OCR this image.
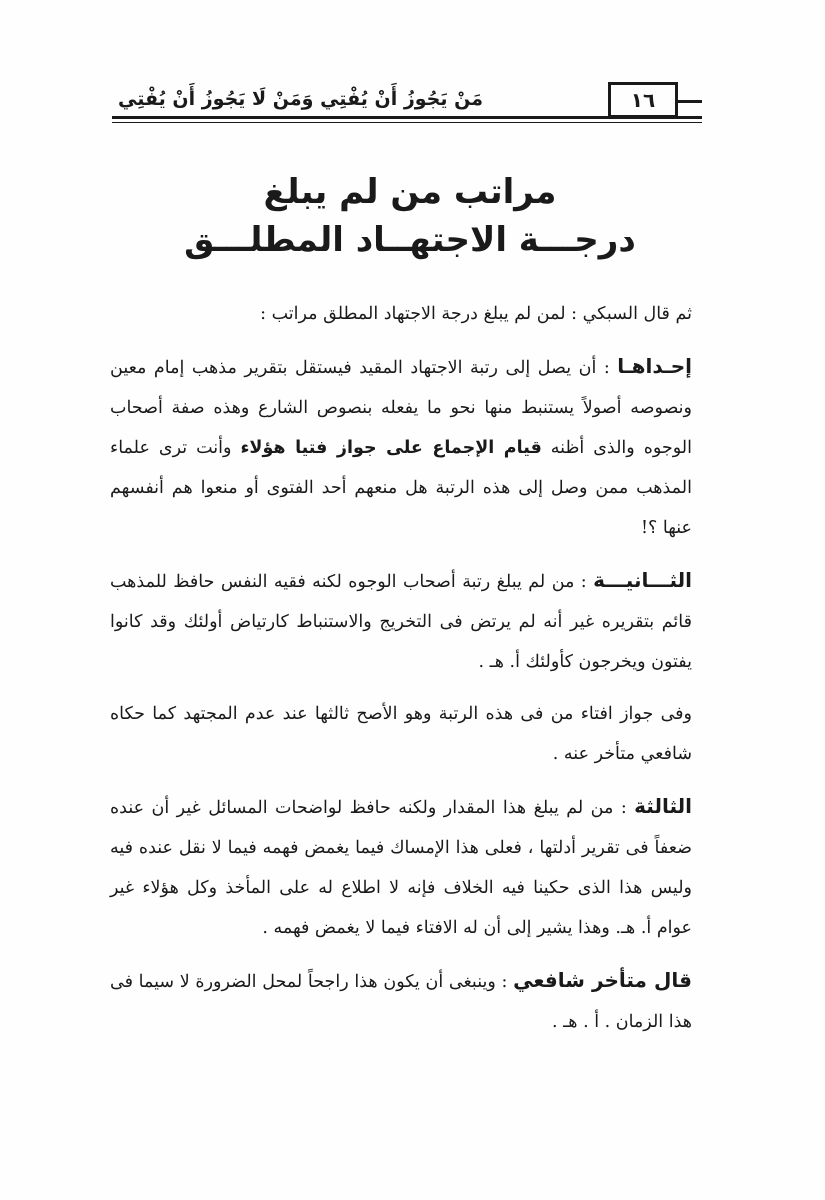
مَنْ يَجُوزُ أَنْ يُفْتِي وَمَنْ لَا يَجُوزُ أَنْ يُفْتِي	١٦
مراتب من لم يبلغ
درجـــة الاجتهــاد المطلـــق

ثم قال السبكي : لمن لم يبلغ درجة الاجتهاد المطلق مراتب :

إحـداهـا : أن يصل إلى رتبة الاجتهاد المقيد فيستقل بتقرير مذهب إمام معين ونصوصه أصولاً يستنبط منها نحو ما يفعله بنصوص الشارع وهذه صفة أصحاب الوجوه والذى أظنه قيام الإجماع على جواز فتيا هؤلاء وأنت ترى علماء المذهب ممن وصل إلى هذه الرتبة هل منعهم أحد الفتوى أو منعوا هم أنفسهم عنها ؟!

الثـــانيـــة : من لم يبلغ رتبة أصحاب الوجوه لكنه فقيه النفس حافظ للمذهب قائم بتقريره غير أنه لم يرتض فى التخريج والاستنباط كارتياض أولئك وقد كانوا يفتون ويخرجون كأولئك أ. هـ .

وفى جواز افتاء من فى هذه الرتبة وهو الأصح ثالثها عند عدم المجتهد كما حكاه شافعي متأخر عنه .

الثالثة : من لم يبلغ هذا المقدار ولكنه حافظ لواضحات المسائل غير أن عنده ضعفاً فى تقرير أدلتها ، فعلى هذا الإمساك فيما يغمض فهمه فيما لا نقل عنده فيه وليس هذا الذى حكينا فيه الخلاف فإنه لا اطلاع له على المأخذ وكل هؤلاء غير عوام أ. هـ. وهذا يشير إلى أن له الافتاء فيما لا يغمض فهمه .

قال متأخر شافعي : وينبغى أن يكون هذا راجحاً لمحل الضرورة لا سيما فى هذا الزمان . أ . هـ .
